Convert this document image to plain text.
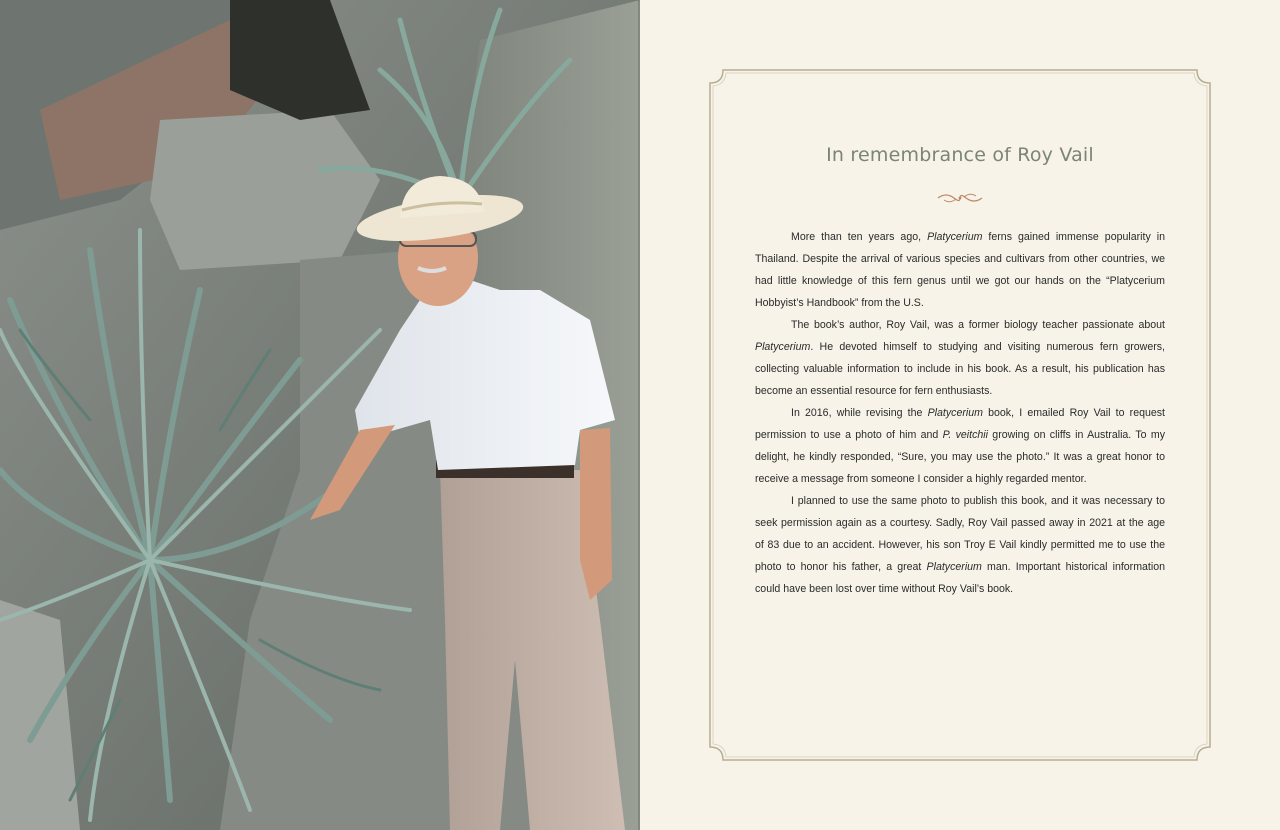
In remembrance of Roy Vail

More than ten years ago, Platycerium ferns gained immense popularity in Thailand. Despite the arrival of various species and cultivars from other countries, we had little knowledge of this fern genus until we got our hands on the “Platycerium Hobbyist’s Handbook” from the U.S.

The book’s author, Roy Vail, was a former biology teacher passionate about Platycerium. He devoted himself to studying and visiting numerous fern growers, collecting valuable information to include in his book. As a result, his publication has become an essential resource for fern enthusiasts.

In 2016, while revising the Platycerium book, I emailed Roy Vail to request permission to use a photo of him and P. veitchii growing on cliffs in Australia. To my delight, he kindly responded, “Sure, you may use the photo.” It was a great honor to receive a message from someone I consider a highly regarded mentor.

I planned to use the same photo to publish this book, and it was necessary to seek permission again as a courtesy. Sadly, Roy Vail passed away in 2021 at the age of 83 due to an accident. However, his son Troy E Vail kindly permitted me to use the photo to honor his father, a great Platycerium man. Important historical information could have been lost over time without Roy Vail’s book.
